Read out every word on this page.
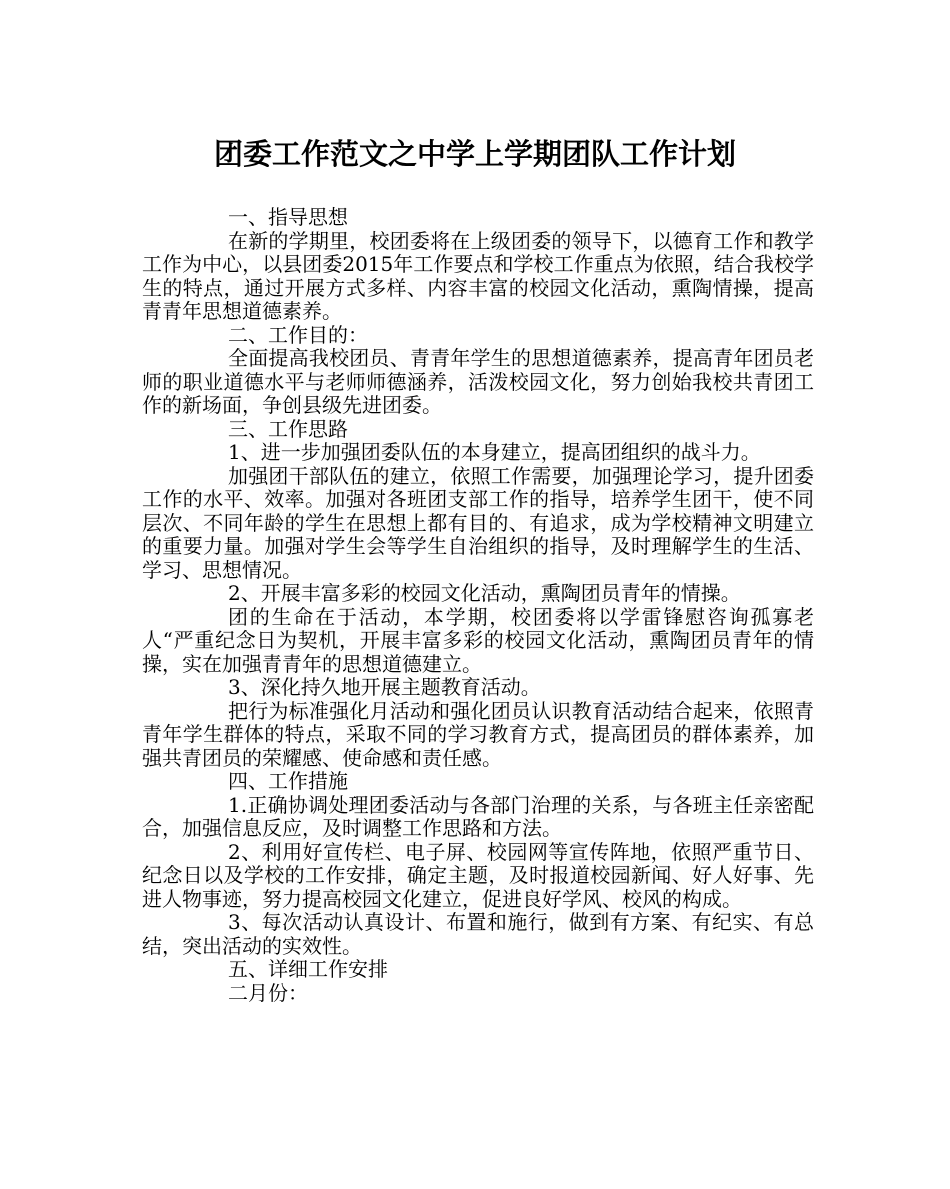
团委工作范文之中学上学期团队工作计划

一、指导思想

在新的学期里，校团委将在上级团委的领导下，以德育工作和教学工作为中心，以县团委2015年工作要点和学校工作重点为依照，结合我校学生的特点，通过开展方式多样、内容丰富的校园文化活动，熏陶情操，提高青青年思想道德素养。

二、工作目的：

全面提高我校团员、青青年学生的思想道德素养，提高青年团员老师的职业道德水平与老师师德涵养，活泼校园文化，努力创始我校共青团工作的新场面，争创县级先进团委。

三、工作思路

1、进一步加强团委队伍的本身建立，提高团组织的战斗力。

加强团干部队伍的建立，依照工作需要，加强理论学习，提升团委工作的水平、效率。加强对各班团支部工作的指导，培养学生团干，使不同层次、不同年龄的学生在思想上都有目的、有追求，成为学校精神文明建立的重要力量。加强对学生会等学生自治组织的指导，及时理解学生的生活、学习、思想情况。

2、开展丰富多彩的校园文化活动，熏陶团员青年的情操。

团的生命在于活动，本学期，校团委将以学雷锋慰咨询孤寡老人“严重纪念日为契机，开展丰富多彩的校园文化活动，熏陶团员青年的情操，实在加强青青年的思想道德建立。

3、深化持久地开展主题教育活动。

把行为标准强化月活动和强化团员认识教育活动结合起来，依照青青年学生群体的特点，采取不同的学习教育方式，提高团员的群体素养，加强共青团员的荣耀感、使命感和责任感。

四、工作措施

1.正确协调处理团委活动与各部门治理的关系，与各班主任亲密配合，加强信息反应，及时调整工作思路和方法。

2、利用好宣传栏、电子屏、校园网等宣传阵地，依照严重节日、纪念日以及学校的工作安排，确定主题，及时报道校园新闻、好人好事、先进人物事迹，努力提高校园文化建立，促进良好学风、校风的构成。

3、每次活动认真设计、布置和施行，做到有方案、有纪实、有总结，突出活动的实效性。

五、详细工作安排

二月份：
